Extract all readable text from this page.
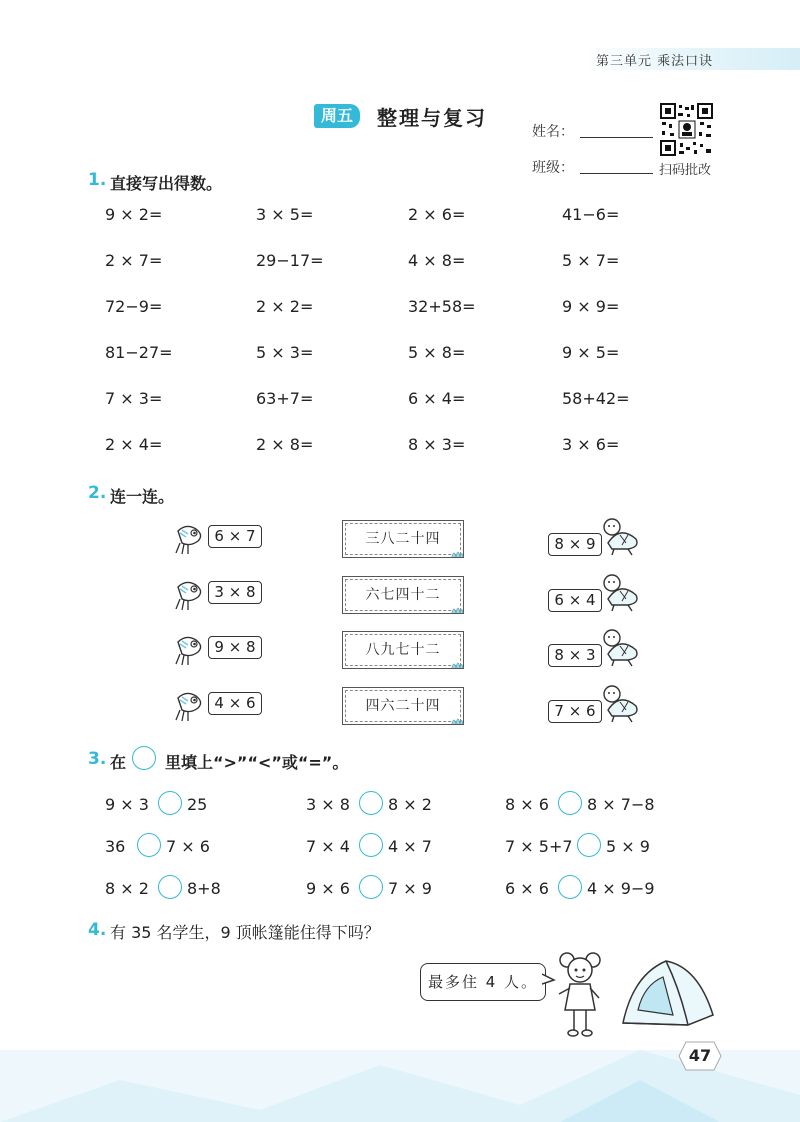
第三单元 乘法口诀
周五	整理与复习
姓名：
班级：	扫码批改
1. 直接写出得数。
2. 连一连。
3. 在 里填上“>”“<”或“=”。
4. 有 35 名学生，9 顶帐篷能住得下吗？
最多住 4 人。
47
9 × 2=	3 × 5=	2 × 6=	41−6=
2 × 7=	29−17=	4 × 8=	5 × 7=
72−9=	2 × 2=	32+58=	9 × 9=
81−27=	5 × 3=	5 × 8=	9 × 5=
7 × 3=	63+7=	6 × 4=	58+42=
2 × 4=	2 × 8=	8 × 3=	3 × 6=
6 × 7
3 × 8
9 × 8
4 × 6
三八二十四
六七四十二
八九七十二
四六二十四
8 × 9
6 × 4
8 × 3
7 × 6
9 × 3 25	3 × 8 8 × 2	8 × 6 8 × 7−8
36	7 × 6	7 × 4 4 × 7	7 × 5+7 5 × 9
8 × 2 8+8	9 × 6 7 × 9	6 × 6 4 × 9−9
